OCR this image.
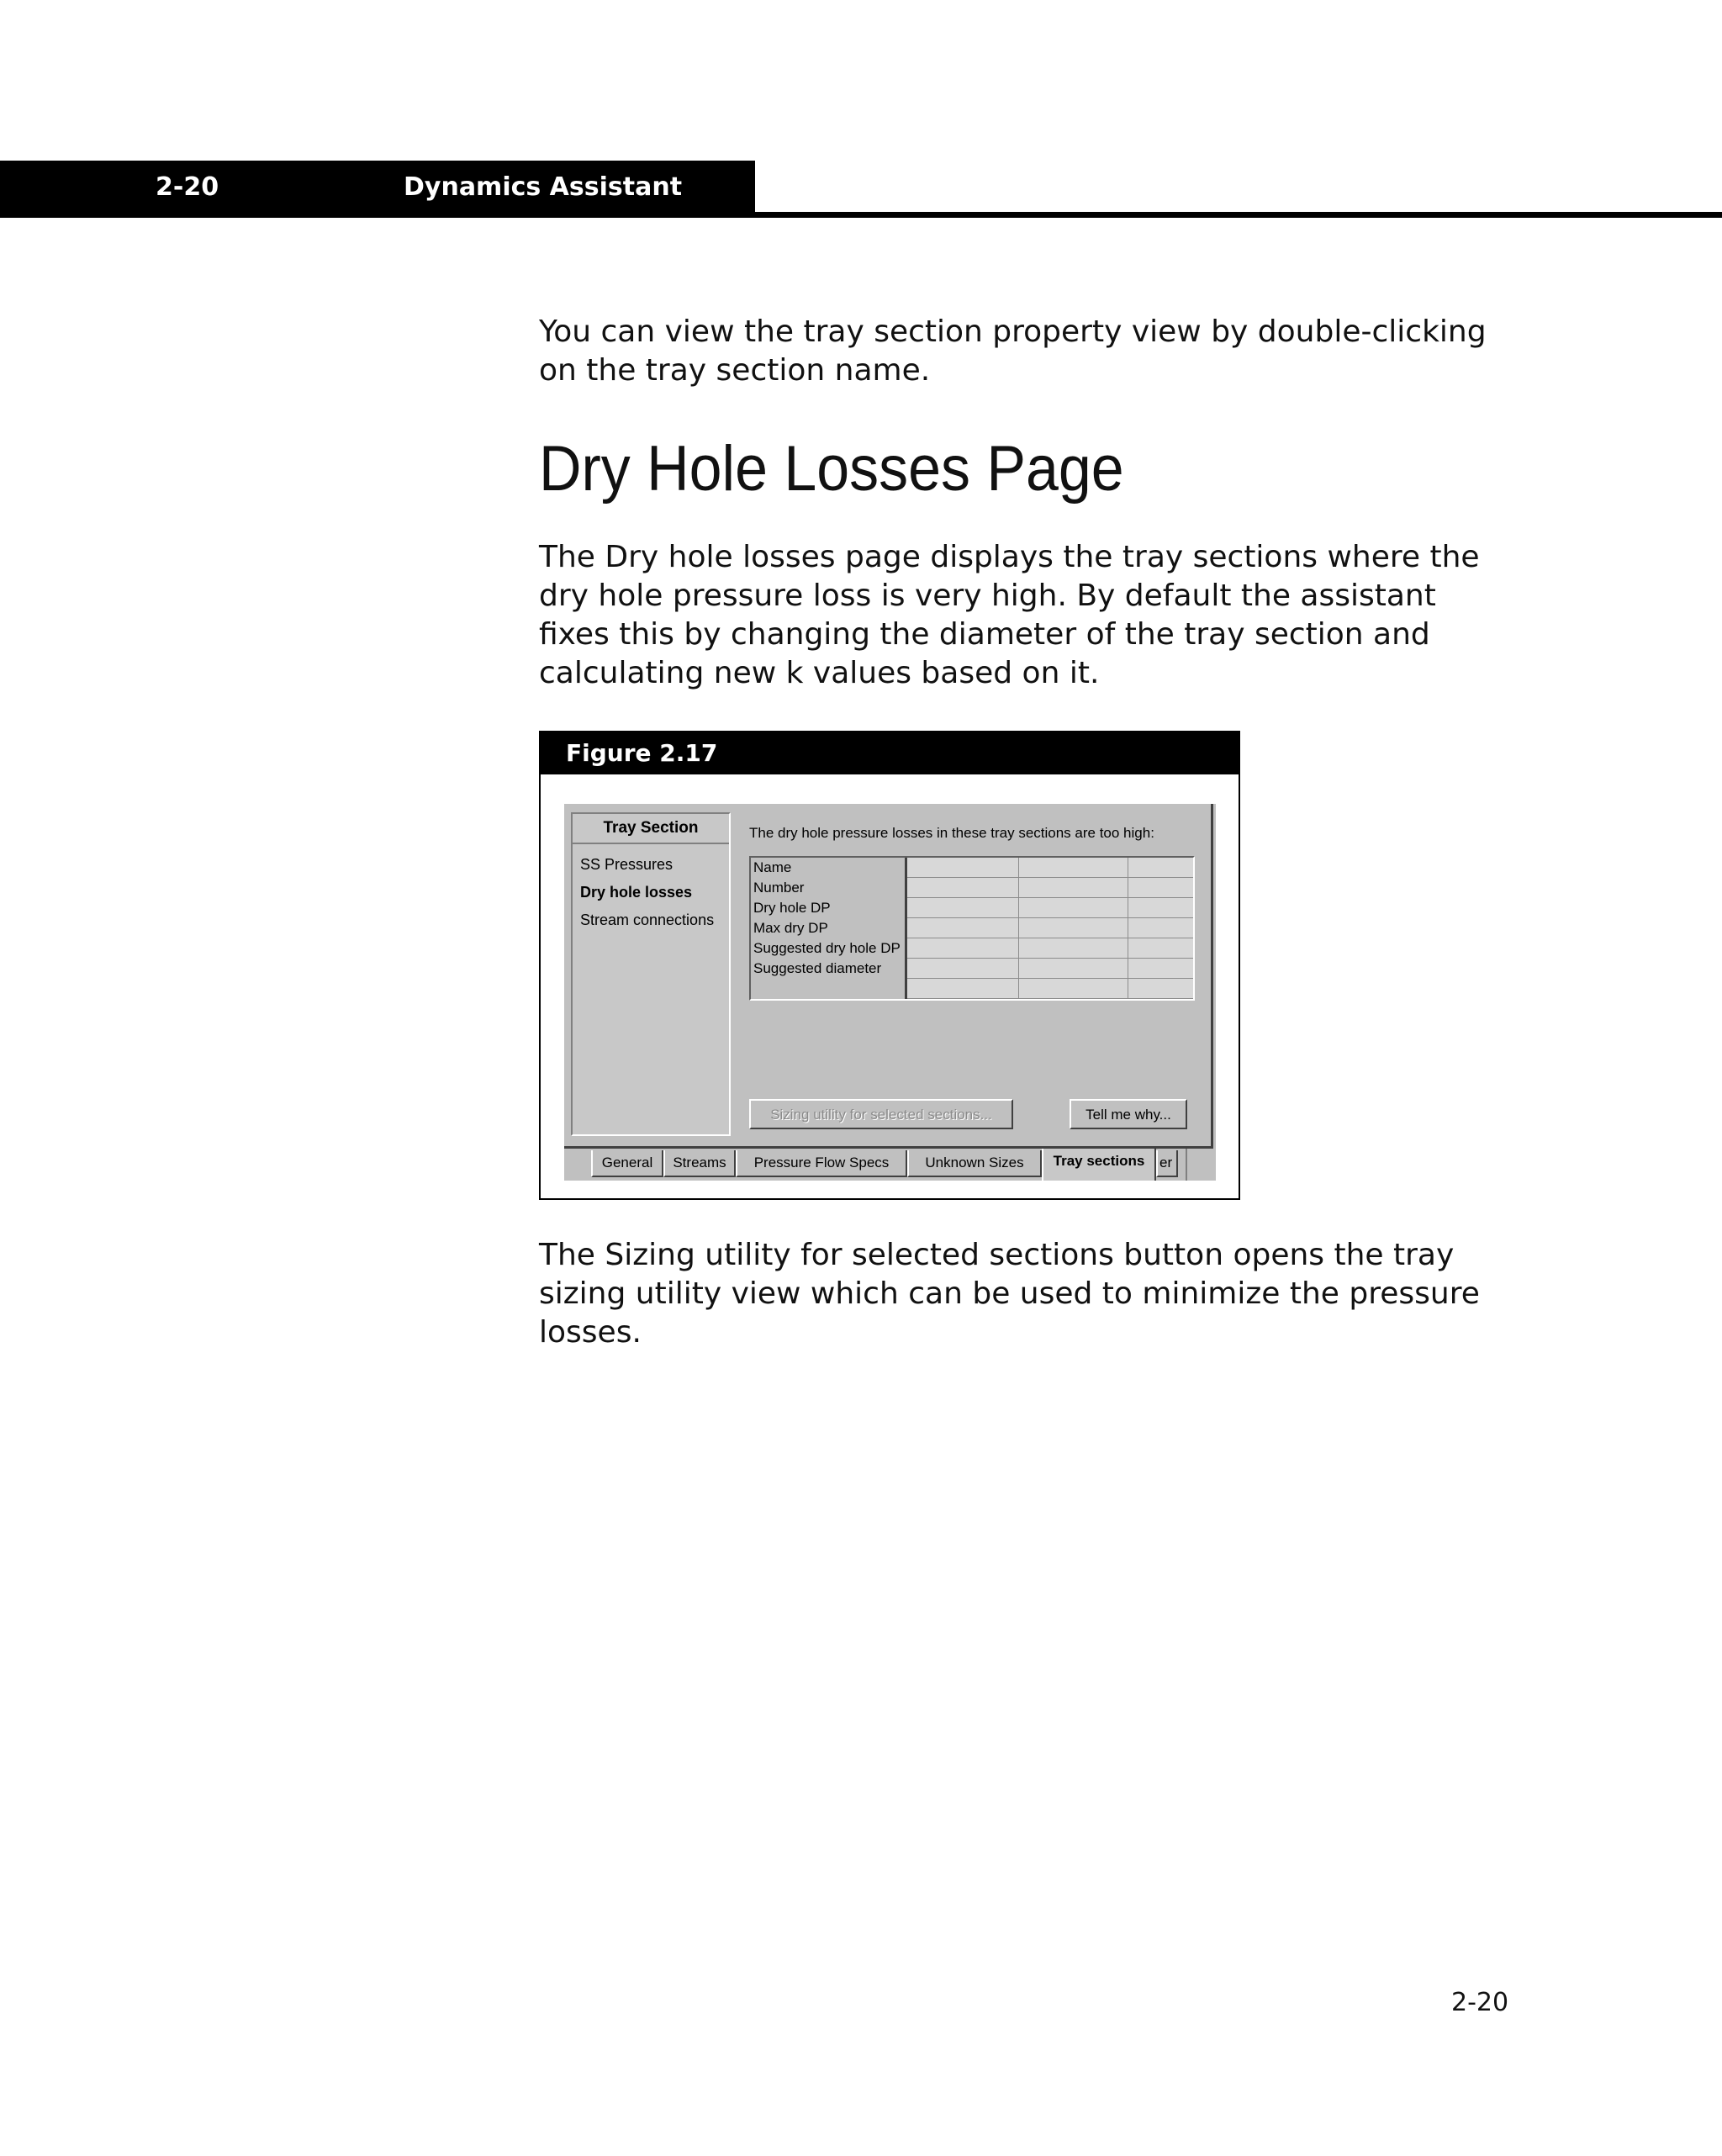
2-20	Dynamics Assistant
You can view the tray section property view by double-clicking on the tray section name.
Dry Hole Losses Page
The Dry hole losses page displays the tray sections where the dry hole pressure loss is very high. By default the assistant fixes this by changing the diameter of the tray section and calculating new k values based on it.
Figure 2.17
Tray Section
SS Pressures
Dry hole losses
Stream connections
The dry hole pressure losses in these tray sections are too high:
Name
Number
Dry hole DP
Max dry DP
Suggested dry hole DP
Suggested diameter
Sizing utility for selected sections...	Tell me why...
General	Streams	Pressure Flow Specs	Unknown Sizes	Tray sections	er
The Sizing utility for selected sections button opens the tray sizing utility view which can be used to minimize the pressure losses.
2-20
